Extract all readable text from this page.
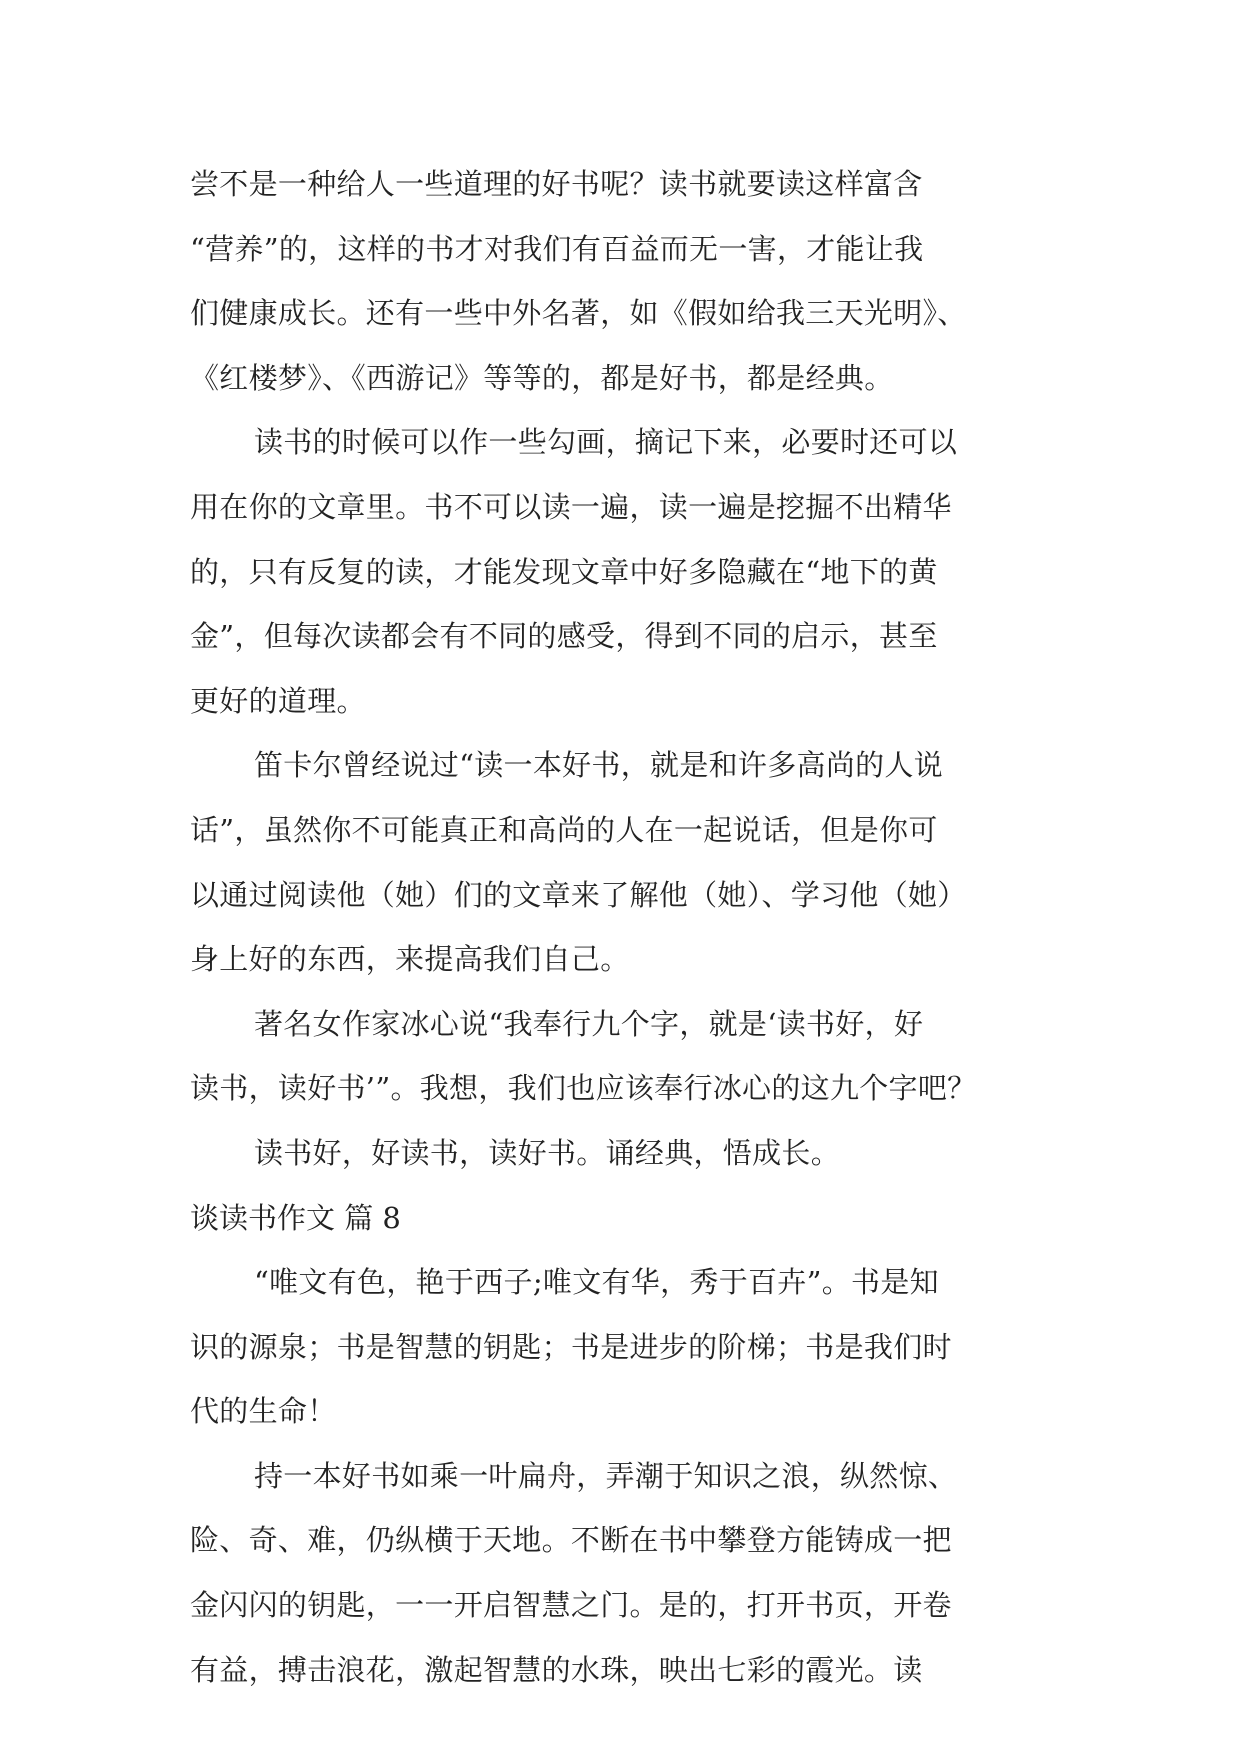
尝不是一种给人一些道理的好书呢？读书就要读这样富含
“营养”的，这样的书才对我们有百益而无一害，才能让我
们健康成长。还有一些中外名著，如《假如给我三天光明》、
《红楼梦》、《西游记》等等的，都是好书，都是经典。
读书的时候可以作一些勾画，摘记下来，必要时还可以
用在你的文章里。书不可以读一遍，读一遍是挖掘不出精华
的，只有反复的读，才能发现文章中好多隐藏在“地下的黄
金”，但每次读都会有不同的感受，得到不同的启示，甚至
更好的道理。
笛卡尔曾经说过“读一本好书，就是和许多高尚的人说
话”，虽然你不可能真正和高尚的人在一起说话，但是你可
以通过阅读他（她）们的文章来了解他（她）、学习他（她）
身上好的东西，来提高我们自己。
著名女作家冰心说“我奉行九个字，就是‘读书好，好
读书，读好书’”。我想，我们也应该奉行冰心的这九个字吧？
读书好，好读书，读好书。诵经典，悟成长。
谈读书作文 篇 8
“唯文有色，艳于西子;唯文有华，秀于百卉”。书是知
识的源泉；书是智慧的钥匙；书是进步的阶梯；书是我们时
代的生命！
持一本好书如乘一叶扁舟，弄潮于知识之浪，纵然惊、
险、奇、难，仍纵横于天地。不断在书中攀登方能铸成一把
金闪闪的钥匙，一一开启智慧之门。是的，打开书页，开卷
有益，搏击浪花，激起智慧的水珠，映出七彩的霞光。读
